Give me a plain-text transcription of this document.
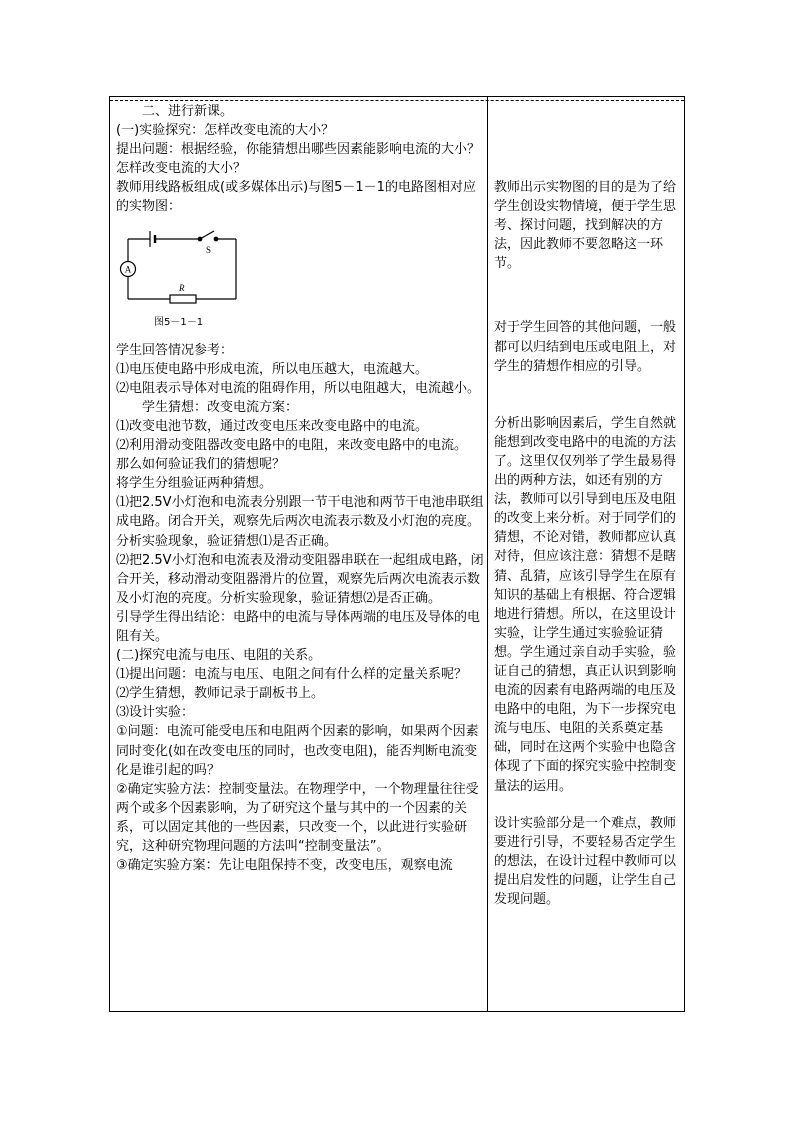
二、进行新课。

(一)实验探究：怎样改变电流的大小？

提出问题：根据经验，你能猜想出哪些因素能影响电流的大小？怎样改变电流的大小？

教师用线路板组成(或多媒体出示)与图5－1－1的电路图相对应的实物图：

A
S
R
图5－1－1

学生回答情况参考：

⑴电压使电路中形成电流，所以电压越大，电流越大。

⑵电阻表示导体对电流的阻碍作用，所以电阻越大，电流越小。

学生猜想：改变电流方案：

⑴改变电池节数，通过改变电压来改变电路中的电流。

⑵利用滑动变阻器改变电路中的电阻，来改变电路中的电流。

那么如何验证我们的猜想呢？

将学生分组验证两种猜想。

⑴把2.5V小灯泡和电流表分别跟一节干电池和两节干电池串联组成电路。闭合开关，观察先后两次电流表示数及小灯泡的亮度。分析实验现象，验证猜想⑴是否正确。

⑵把2.5V小灯泡和电流表及滑动变阻器串联在一起组成电路，闭合开关，移动滑动变阻器滑片的位置，观察先后两次电流表示数及小灯泡的亮度。分析实验现象，验证猜想⑵是否正确。

引导学生得出结论：电路中的电流与导体两端的电压及导体的电阻有关。

(二)探究电流与电压、电阻的关系。

⑴提出问题：电流与电压、电阻之间有什么样的定量关系呢？

⑵学生猜想，教师记录于副板书上。

⑶设计实验：

①问题：电流可能受电压和电阻两个因素的影响，如果两个因素同时变化(如在改变电压的同时，也改变电阻)，能否判断电流变化是谁引起的吗？

②确定实验方法：控制变量法。在物理学中，一个物理量往往受两个或多个因素影响，为了研究这个量与其中的一个因素的关系，可以固定其他的一些因素，只改变一个，以此进行实验研究，这种研究物理问题的方法叫“控制变量法”。

③确定实验方案：先让电阻保持不变，改变电压，观察电流

教师出示实物图的目的是为了给学生创设实物情境，便于学生思考、探讨问题，找到解决的方法，因此教师不要忽略这一环节。

对于学生回答的其他问题，一般都可以归结到电压或电阻上，对学生的猜想作相应的引导。

分析出影响因素后，学生自然就能想到改变电路中的电流的方法了。这里仅仅列举了学生最易得出的两种方法，如还有别的方法，教师可以引导到电压及电阻的改变上来分析。对于同学们的猜想，不论对错，教师都应认真对待，但应该注意：猜想不是瞎猜、乱猜，应该引导学生在原有知识的基础上有根据、符合逻辑地进行猜想。所以，在这里设计实验，让学生通过实验验证猜想。学生通过亲自动手实验，验证自己的猜想，真正认识到影响电流的因素有电路两端的电压及电路中的电阻，为下一步探究电流与电压、电阻的关系奠定基础，同时在这两个实验中也隐含体现了下面的探究实验中控制变量法的运用。

设计实验部分是一个难点，教师要进行引导，不要轻易否定学生的想法，在设计过程中教师可以提出启发性的问题，让学生自己发现问题。
